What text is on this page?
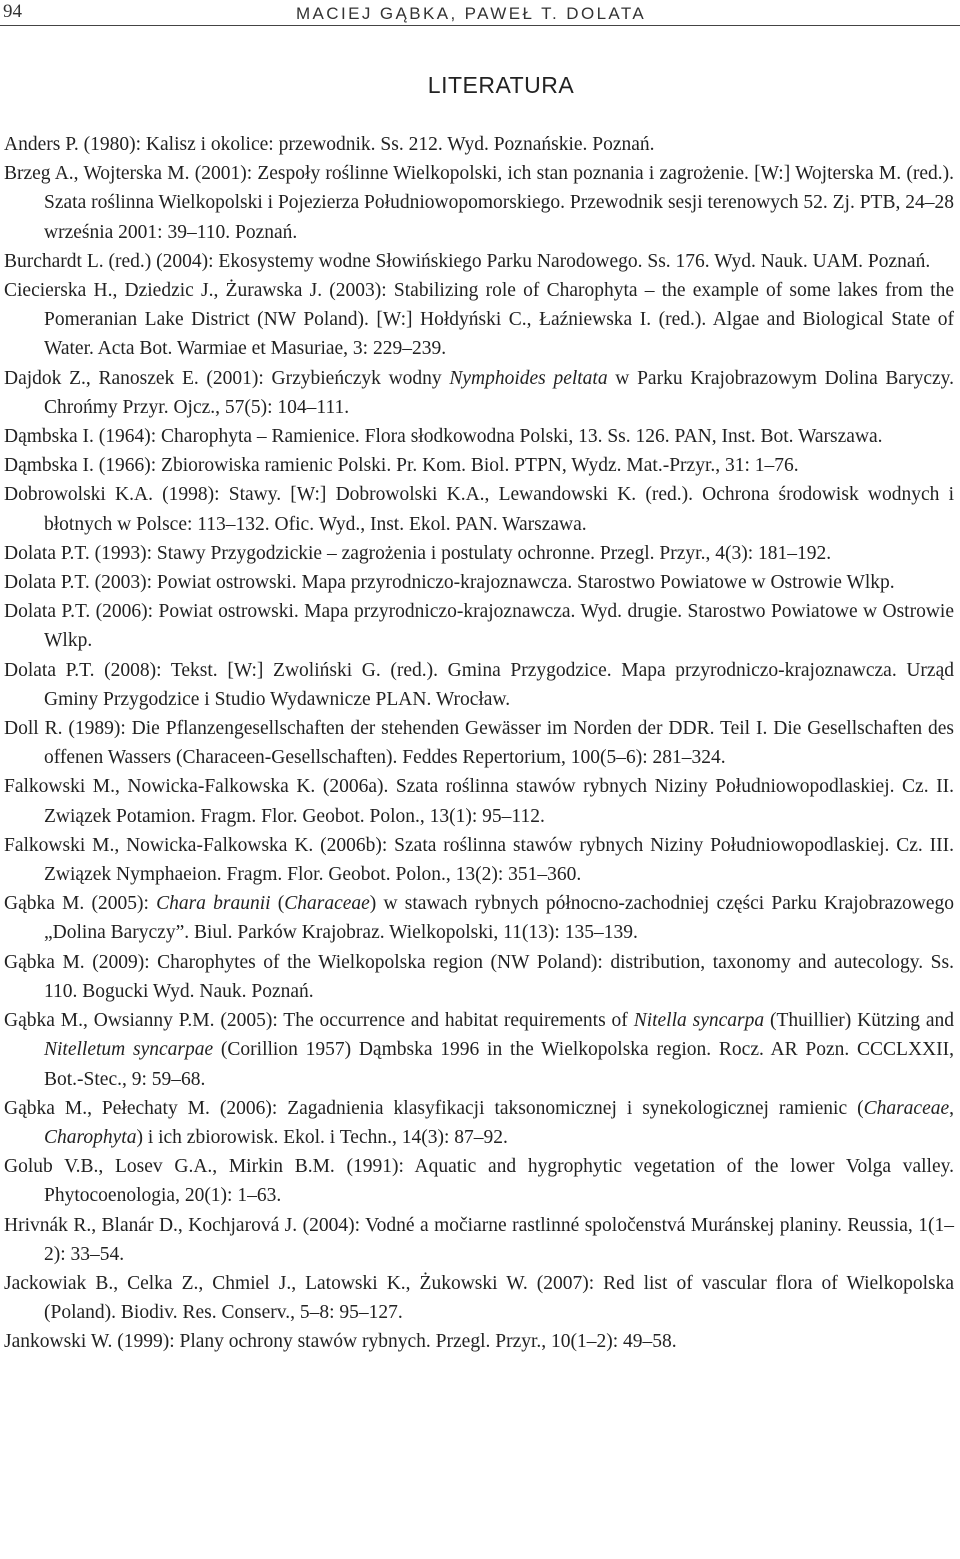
94	MACIEJ GĄBKA, PAWEŁ T. DOLATA
LITERATURA
Anders P. (1980): Kalisz i okolice: przewodnik. Ss. 212. Wyd. Poznańskie. Poznań.
Brzeg A., Wojterska M. (2001): Zespoły roślinne Wielkopolski, ich stan poznania i zagrożenie. [W:] Wojterska M. (red.). Szata roślinna Wielkopolski i Pojezierza Południowopomorskiego. Przewodnik sesji terenowych 52. Zj. PTB, 24–28 września 2001: 39–110. Poznań.
Burchardt L. (red.) (2004): Ekosystemy wodne Słowińskiego Parku Narodowego. Ss. 176. Wyd. Nauk. UAM. Poznań.
Ciecierska H., Dziedzic J., Żurawska J. (2003): Stabilizing role of Charophyta – the example of some lakes from the Pomeranian Lake District (NW Poland). [W:] Hołdyński C., Łaźniewska I. (red.). Algae and Biological State of Water. Acta Bot. Warmiae et Masuriae, 3: 229–239.
Dajdok Z., Ranoszek E. (2001): Grzybieńczyk wodny Nymphoides peltata w Parku Krajobrazowym Dolina Baryczy. Chrońmy Przyr. Ojcz., 57(5): 104–111.
Dąmbska I. (1964): Charophyta – Ramienice. Flora słodkowodna Polski, 13. Ss. 126. PAN, Inst. Bot. Warszawa.
Dąmbska I. (1966): Zbiorowiska ramienic Polski. Pr. Kom. Biol. PTPN, Wydz. Mat.-Przyr., 31: 1–76.
Dobrowolski K.A. (1998): Stawy. [W:] Dobrowolski K.A., Lewandowski K. (red.). Ochrona środowisk wodnych i błotnych w Polsce: 113–132. Ofic. Wyd., Inst. Ekol. PAN. Warszawa.
Dolata P.T. (1993): Stawy Przygodzickie – zagrożenia i postulaty ochronne. Przegl. Przyr., 4(3): 181–192.
Dolata P.T. (2003): Powiat ostrowski. Mapa przyrodniczo-krajoznawcza. Starostwo Powiatowe w Ostrowie Wlkp.
Dolata P.T. (2006): Powiat ostrowski. Mapa przyrodniczo-krajoznawcza. Wyd. drugie. Starostwo Powiatowe w Ostrowie Wlkp.
Dolata P.T. (2008): Tekst. [W:] Zwoliński G. (red.). Gmina Przygodzice. Mapa przyrodniczo-krajoznawcza. Urząd Gminy Przygodzice i Studio Wydawnicze PLAN. Wrocław.
Doll R. (1989): Die Pflanzengesellschaften der stehenden Gewässer im Norden der DDR. Teil I. Die Gesellschaften des offenen Wassers (Characeen-Gesellschaften). Feddes Repertorium, 100(5–6): 281–324.
Falkowski M., Nowicka-Falkowska K. (2006a). Szata roślinna stawów rybnych Niziny Południowopodlaskiej. Cz. II. Związek Potamion. Fragm. Flor. Geobot. Polon., 13(1): 95–112.
Falkowski M., Nowicka-Falkowska K. (2006b): Szata roślinna stawów rybnych Niziny Południowopodlaskiej. Cz. III. Związek Nymphaeion. Fragm. Flor. Geobot. Polon., 13(2): 351–360.
Gąbka M. (2005): Chara braunii (Characeae) w stawach rybnych północno-zachodniej części Parku Krajobrazowego „Dolina Baryczy”. Biul. Parków Krajobraz. Wielkopolski, 11(13): 135–139.
Gąbka M. (2009): Charophytes of the Wielkopolska region (NW Poland): distribution, taxonomy and autecology. Ss. 110. Bogucki Wyd. Nauk. Poznań.
Gąbka M., Owsianny P.M. (2005): The occurrence and habitat requirements of Nitella syncarpa (Thuillier) Kützing and Nitelletum syncarpae (Corillion 1957) Dąmbska 1996 in the Wielkopolska region. Rocz. AR Pozn. CCCLXXII, Bot.-Stec., 9: 59–68.
Gąbka M., Pełechaty M. (2006): Zagadnienia klasyfikacji taksonomicznej i synekologicznej ramienic (Characeae, Charophyta) i ich zbiorowisk. Ekol. i Techn., 14(3): 87–92.
Golub V.B., Losev G.A., Mirkin B.M. (1991): Aquatic and hygrophytic vegetation of the lower Volga valley. Phytocoenologia, 20(1): 1–63.
Hrivnák R., Blanár D., Kochjarová J. (2004): Vodné a močiarne rastlinné spoločenstvá Muránskej planiny. Reussia, 1(1–2): 33–54.
Jackowiak B., Celka Z., Chmiel J., Latowski K., Żukowski W. (2007): Red list of vascular flora of Wielkopolska (Poland). Biodiv. Res. Conserv., 5–8: 95–127.
Jankowski W. (1999): Plany ochrony stawów rybnych. Przegl. Przyr., 10(1–2): 49–58.
